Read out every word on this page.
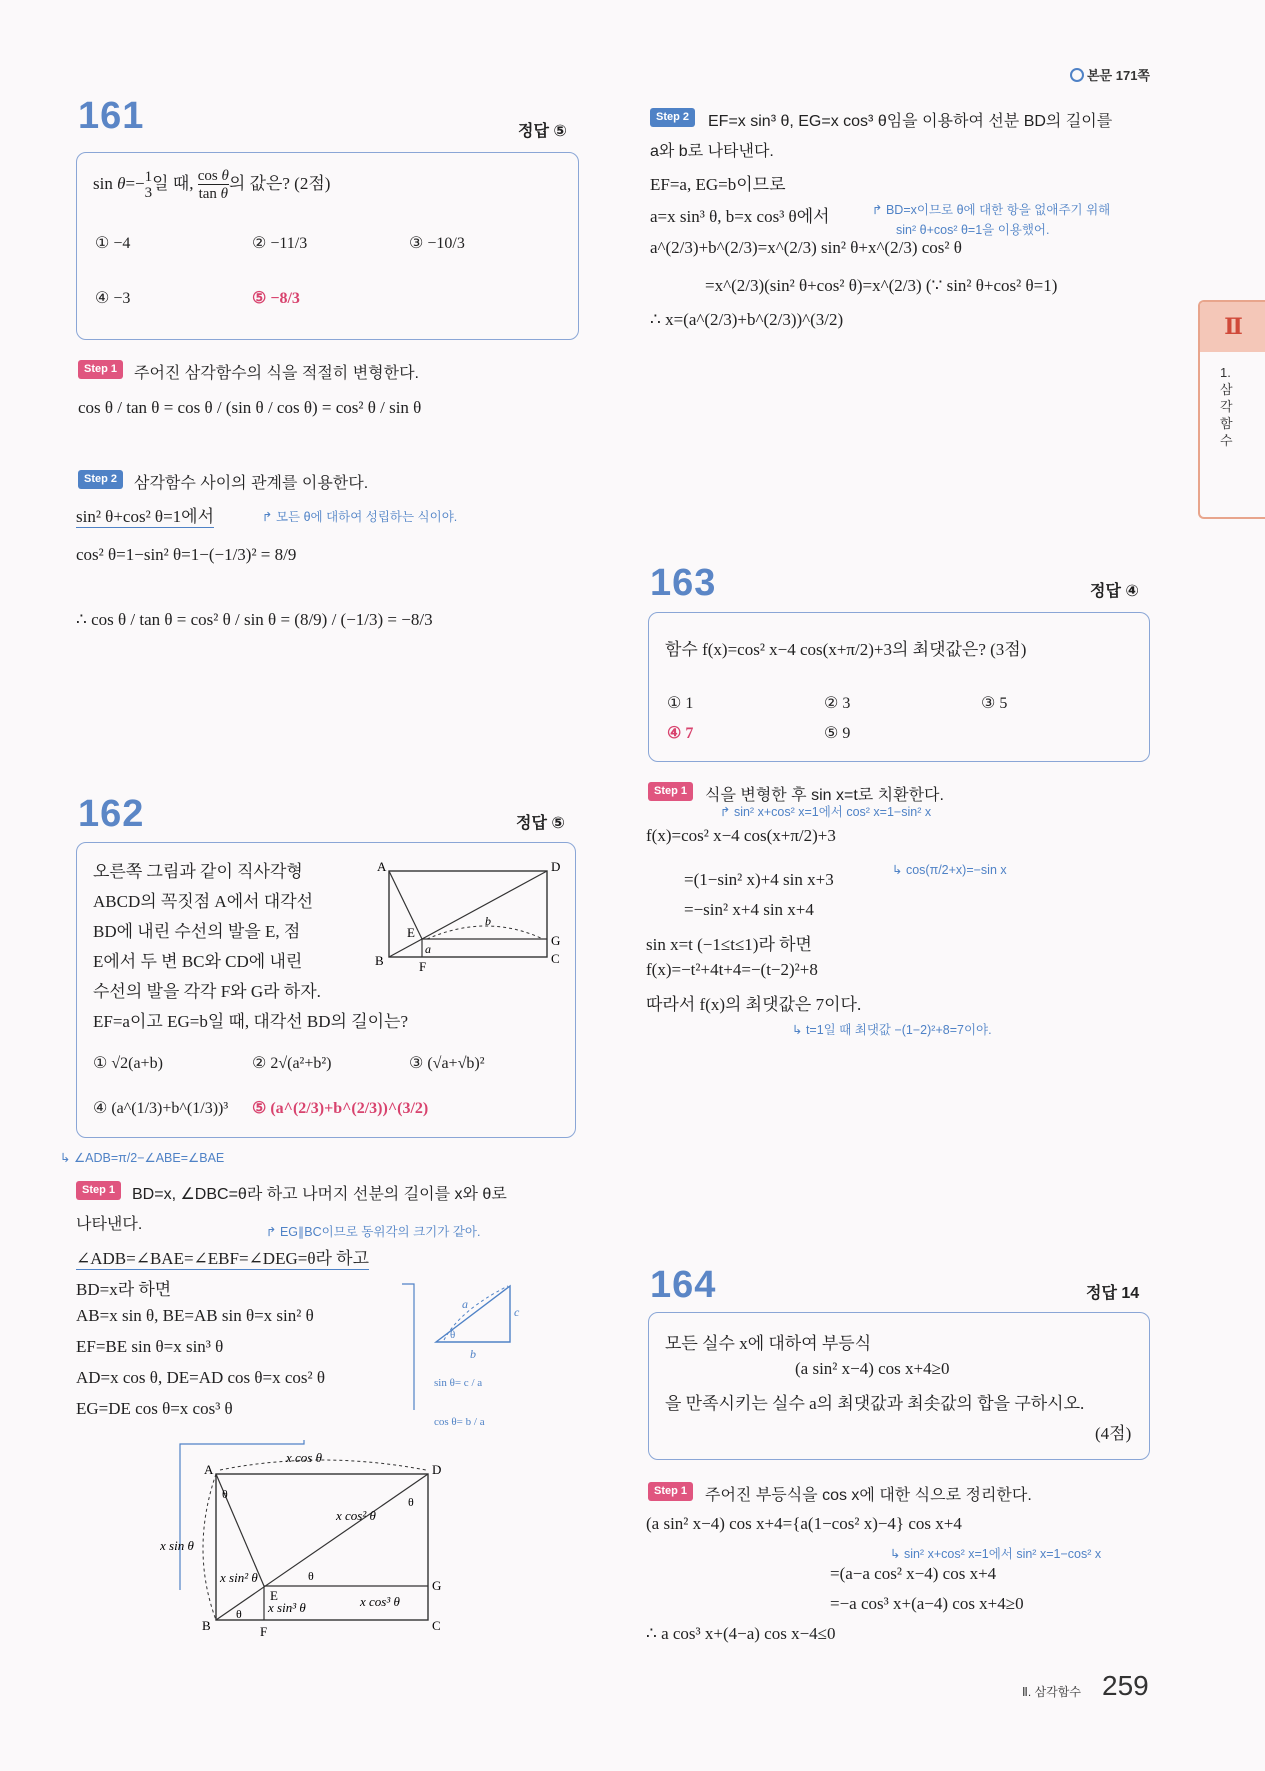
본문 171쪽
Ⅱ
1. 삼각함수
161	정답 ⑤
sin θ=−1
3일 때, cos θ
tan θ의 값은? (2점)
① −4	② −11/3	③ −10/3
④ −3	⑤ −8/3
Step 1	주어진 삼각함수의 식을 적절히 변형한다.
cos θ / tan θ = cos θ / (sin θ / cos θ) = cos² θ / sin θ
Step 2	삼각함수 사이의 관계를 이용한다.
sin² θ+cos² θ=1에서	↱ 모든 θ에 대하여 성립하는 식이야.
cos² θ=1−sin² θ=1−(−1/3)² = 8/9
∴ cos θ / tan θ = cos² θ / sin θ = (8/9) / (−1/3) = −8/3
162	정답 ⑤
오른쪽 그림과 같이 직사각형
ABCD의 꼭짓점 A에서 대각선
BD에 내린 수선의 발을 E, 점
E에서 두 변 BC와 CD에 내린
수선의 발을 각각 F와 G라 하자.
EF=a이고 EG=b일 때, 대각선 BD의 길이는?
A	D
B	C
E
F
G
a
b
① √2(a+b)	② 2√(a²+b²)	③ (√a+√b)²
④ (a^(1/3)+b^(1/3))³ ⑤ (a^(2/3)+b^(2/3))^(3/2)
↳ ∠ADB=π/2−∠ABE=∠BAE
Step 1	BD=x, ∠DBC=θ라 하고 나머지 선분의 길이를 x와 θ로
나타낸다.	↱ EG∥BC이므로 동위각의 크기가 같아.
∠ADB=∠BAE=∠EBF=∠DEG=θ라 하고
BD=x라 하면
AB=x sin θ, BE=AB sin θ=x sin² θ
EF=BE sin θ=x sin³ θ
AD=x cos θ, DE=AD cos θ=x cos² θ
EG=DE cos θ=x cos³ θ
a
b
c
θ
sin θ= c / a
cos θ= b / a
A	D
B	C
E
F
G
x cos θ
x sin θ
x cos² θ
x sin² θ
x sin³ θ	x cos³ θ
θ
θ
θ
θ
Step 2	EF=x sin³ θ, EG=x cos³ θ임을 이용하여 선분 BD의 길이를
a와 b로 나타낸다.
EF=a, EG=b이므로
a=x sin³ θ, b=x cos³ θ에서	↱ BD=x이므로 θ에 대한 항을 없애주기 위해
sin² θ+cos² θ=1을 이용했어.
a^(2/3)+b^(2/3)=x^(2/3) sin² θ+x^(2/3) cos² θ
=x^(2/3)(sin² θ+cos² θ)=x^(2/3) (∵ sin² θ+cos² θ=1)
∴ x=(a^(2/3)+b^(2/3))^(3/2)
163	정답 ④
함수 f(x)=cos² x−4 cos(x+π/2)+3의 최댓값은? (3점)
① 1	② 3	③ 5
④ 7	⑤ 9
Step 1	식을 변형한 후 sin x=t로 치환한다.
↱ sin² x+cos² x=1에서 cos² x=1−sin² x
f(x)=cos² x−4 cos(x+π/2)+3
=(1−sin² x)+4 sin x+3	↳ cos(π/2+x)=−sin x
=−sin² x+4 sin x+4
sin x=t (−1≤t≤1)라 하면
f(x)=−t²+4t+4=−(t−2)²+8
따라서 f(x)의 최댓값은 7이다.
↳ t=1일 때 최댓값 −(1−2)²+8=7이야.
164	정답 14
모든 실수 x에 대하여 부등식
(a sin² x−4) cos x+4≥0
을 만족시키는 실수 a의 최댓값과 최솟값의 합을 구하시오.
(4점)
Step 1	주어진 부등식을 cos x에 대한 식으로 정리한다.
(a sin² x−4) cos x+4={a(1−cos² x)−4} cos x+4
↳ sin² x+cos² x=1에서 sin² x=1−cos² x
=(a−a cos² x−4) cos x+4
=−a cos³ x+(a−4) cos x+4≥0
∴ a cos³ x+(4−a) cos x−4≤0
Ⅱ. 삼각함수 259
